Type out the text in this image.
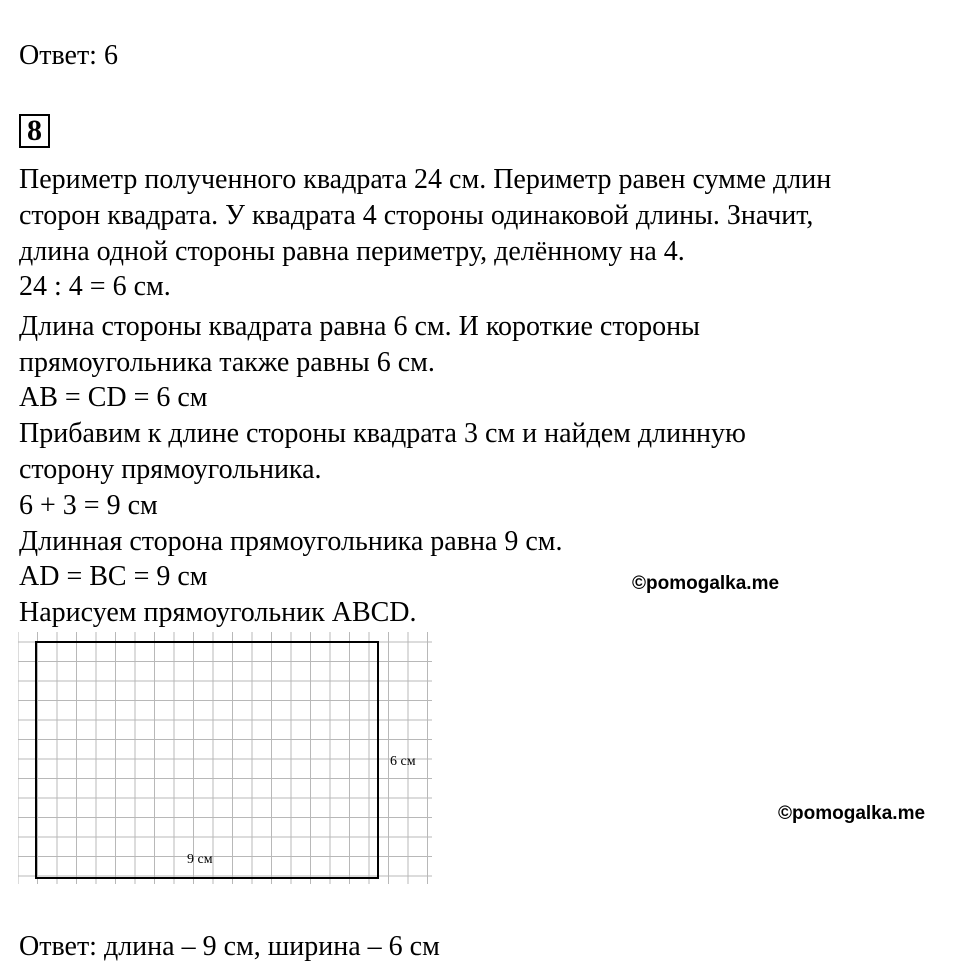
Ответ: 6
8
Периметр полученного квадрата 24 см. Периметр равен сумме длин
сторон квадрата. У квадрата 4 стороны одинаковой длины. Значит,
длина одной стороны равна периметру, делённому на 4.
24 : 4 = 6 см.
Длина стороны квадрата равна 6 см. И короткие стороны
прямоугольника также равны 6 см.
AB = CD = 6 см
Прибавим к длине стороны квадрата 3 см и найдем длинную
сторону прямоугольника.
6 + 3 = 9 см
Длинная сторона прямоугольника равна 9 см.
AD = BC = 9 см
Нарисуем прямоугольник ABCD.
©pomogalka.me
©pomogalka.me
6 см
9 см
Ответ: длина – 9 см, ширина – 6 см
